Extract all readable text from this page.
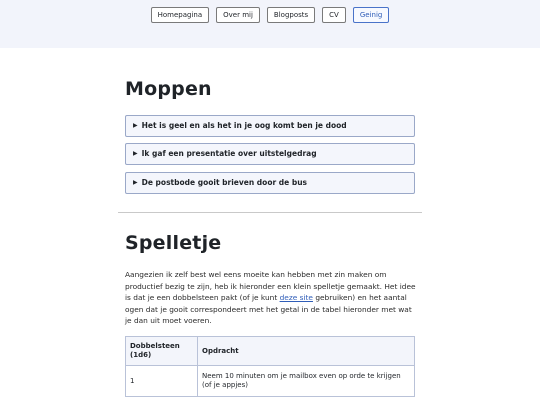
Homepagina	Over mij	Blogposts	CV	Geinig
Moppen
▶ Het is geel en als het in je oog komt ben je dood
▶ Ik gaf een presentatie over uitstelgedrag
▶ De postbode gooit brieven door de bus
Spelletje
Aangezien ik zelf best wel eens moeite kan hebben met zin maken om productief bezig te zijn, heb ik hieronder een klein spelletje gemaakt. Het idee is dat je een dobbelsteen pakt (of je kunt deze site gebruiken) en het aantal ogen dat je gooit correspondeert met het getal in de tabel hieronder met wat je dan uit moet voeren.
Dobbelsteen (1d6)	Opdracht
1	Neem 10 minuten om je mailbox even op orde te krijgen (of je appjes)
